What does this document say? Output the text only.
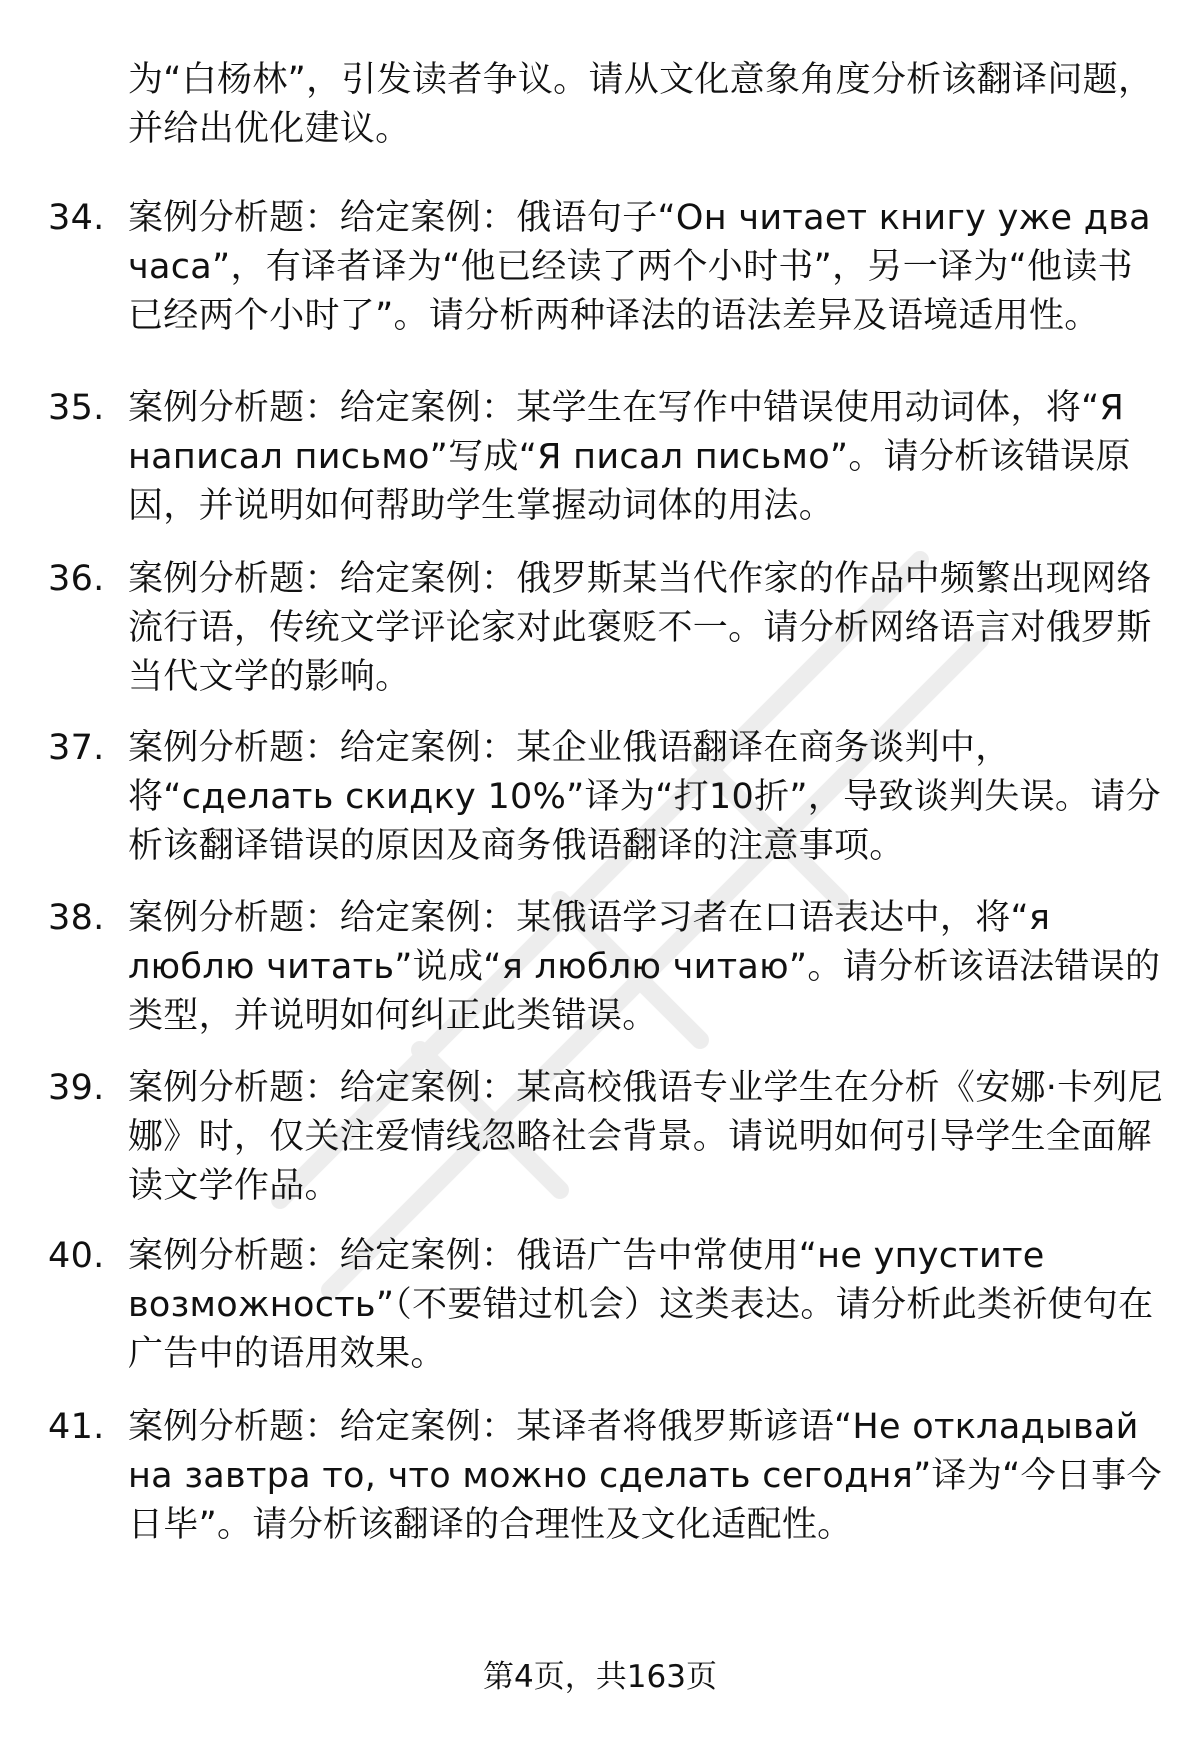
为“白杨林”，引发读者争议。请从文化意象角度分析该翻译问题，并给出优化建议。
34. 案例分析题：给定案例：俄语句子“Он читает книгу уже два часа”，有译者译为“他已经读了两个小时书”，另一译为“他读书已经两个小时了”。请分析两种译法的语法差异及语境适用性。
35. 案例分析题：给定案例：某学生在写作中错误使用动词体，将“Я написал письмо”写成“Я писал письмо”。请分析该错误原因，并说明如何帮助学生掌握动词体的用法。
36. 案例分析题：给定案例：俄罗斯某当代作家的作品中频繁出现网络流行语，传统文学评论家对此褒贬不一。请分析网络语言对俄罗斯当代文学的影响。
37. 案例分析题：给定案例：某企业俄语翻译在商务谈判中，将“сделать скидку 10%”译为“打10折”，导致谈判失误。请分析该翻译错误的原因及商务俄语翻译的注意事项。
38. 案例分析题：给定案例：某俄语学习者在口语表达中，将“я люблю читать”说成“я люблю читаю”。请分析该语法错误的类型，并说明如何纠正此类错误。
39. 案例分析题：给定案例：某高校俄语专业学生在分析《安娜·卡列尼娜》时，仅关注爱情线忽略社会背景。请说明如何引导学生全面解读文学作品。
40. 案例分析题：给定案例：俄语广告中常使用“не упустите возможность”（不要错过机会）这类表达。请分析此类祈使句在广告中的语用效果。
41. 案例分析题：给定案例：某译者将俄罗斯谚语“Не откладывай на завтра то, что можно сделать сегодня”译为“今日事今日毕”。请分析该翻译的合理性及文化适配性。
第4页，共163页
